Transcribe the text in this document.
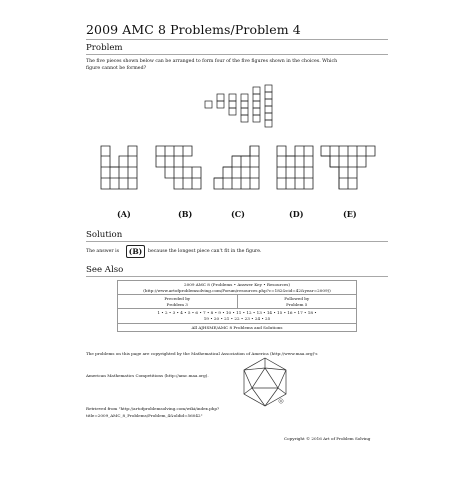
2009 AMC 8 Problems/Problem 4
Problem
The five pieces shown below can be arranged to form four of the five figures shown in the choices. Which
figure cannot be formed?
(A)	(B)	(C)	(D)	(E)
Solution
The answer is	(B)	because the longest piece can't fit in the figure.
See Also
2009 AMC 8 (Problems • Answer Key • Resources)
(http://www.artofproblemsolving.com/Forum/resources.php?c=182&cid=42&year=2009))

Preceded by
Problem 3

Followed by
Problem 5

1 • 2 • 3 • 4 • 5 • 6 • 7 • 8 • 9 • 10 • 11 • 12 • 13 • 14 • 15 • 16 • 17 • 18 •
19 • 20 • 21 • 22 • 23 • 24 • 25

All AJHSME/AMC 8 Problems and Solutions
The problems on this page are copyrighted by the Mathematical Association of America (http://www.maa.org)'s
American Mathematics Competitions (http://amc.maa.org).
R
Retrieved from "http://artofproblemsolving.com/wiki/index.php?
title=2009_AMC_8_Problems/Problem_4&oldid=56042"
Copyright © 2016 Art of Problem Solving
